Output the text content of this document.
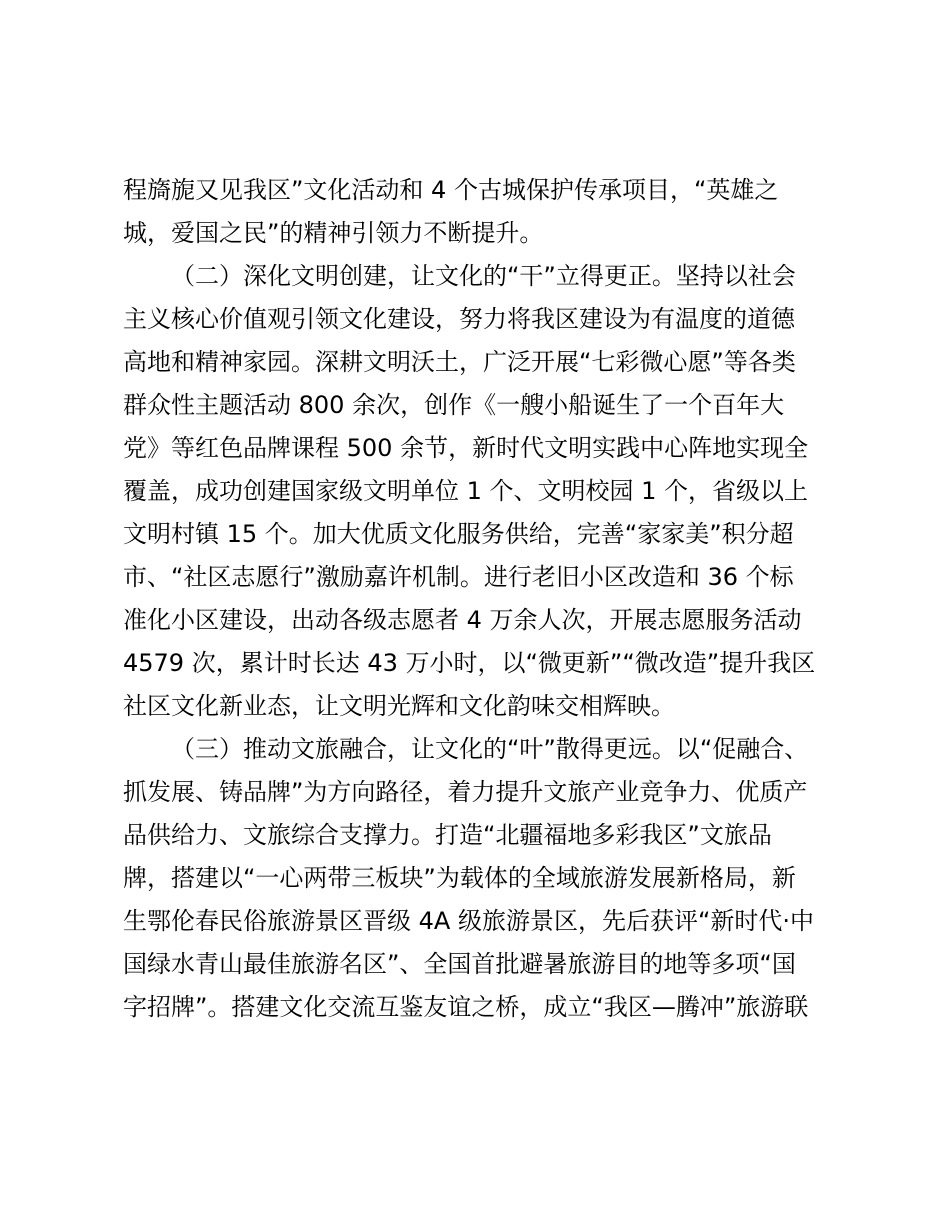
程旖旎又见我区”文化活动和 4 个古城保护传承项目，“英雄之

城，爱国之民”的精神引领力不断提升。

（二）深化文明创建，让文化的“干”立得更正。坚持以社会

主义核心价值观引领文化建设，努力将我区建设为有温度的道德

高地和精神家园。深耕文明沃土，广泛开展“七彩微心愿”等各类

群众性主题活动 800 余次，创作《一艘小船诞生了一个百年大

党》等红色品牌课程 500 余节，新时代文明实践中心阵地实现全

覆盖，成功创建国家级文明单位 1 个、文明校园 1 个，省级以上

文明村镇 15 个。加大优质文化服务供给，完善“家家美”积分超

市、“社区志愿行”激励嘉许机制。进行老旧小区改造和 36 个标

准化小区建设，出动各级志愿者 4 万余人次，开展志愿服务活动

4579 次，累计时长达 43 万小时，以“微更新”“微改造”提升我区

社区文化新业态，让文明光辉和文化韵味交相辉映。

（三）推动文旅融合，让文化的“叶”散得更远。以“促融合、

抓发展、铸品牌”为方向路径，着力提升文旅产业竞争力、优质产

品供给力、文旅综合支撑力。打造“北疆福地多彩我区”文旅品

牌，搭建以“一心两带三板块”为载体的全域旅游发展新格局，新

生鄂伦春民俗旅游景区晋级 4A 级旅游景区，先后获评“新时代·中

国绿水青山最佳旅游名区”、全国首批避暑旅游目的地等多项“国

字招牌”。搭建文化交流互鉴友谊之桥，成立“我区—腾冲”旅游联
